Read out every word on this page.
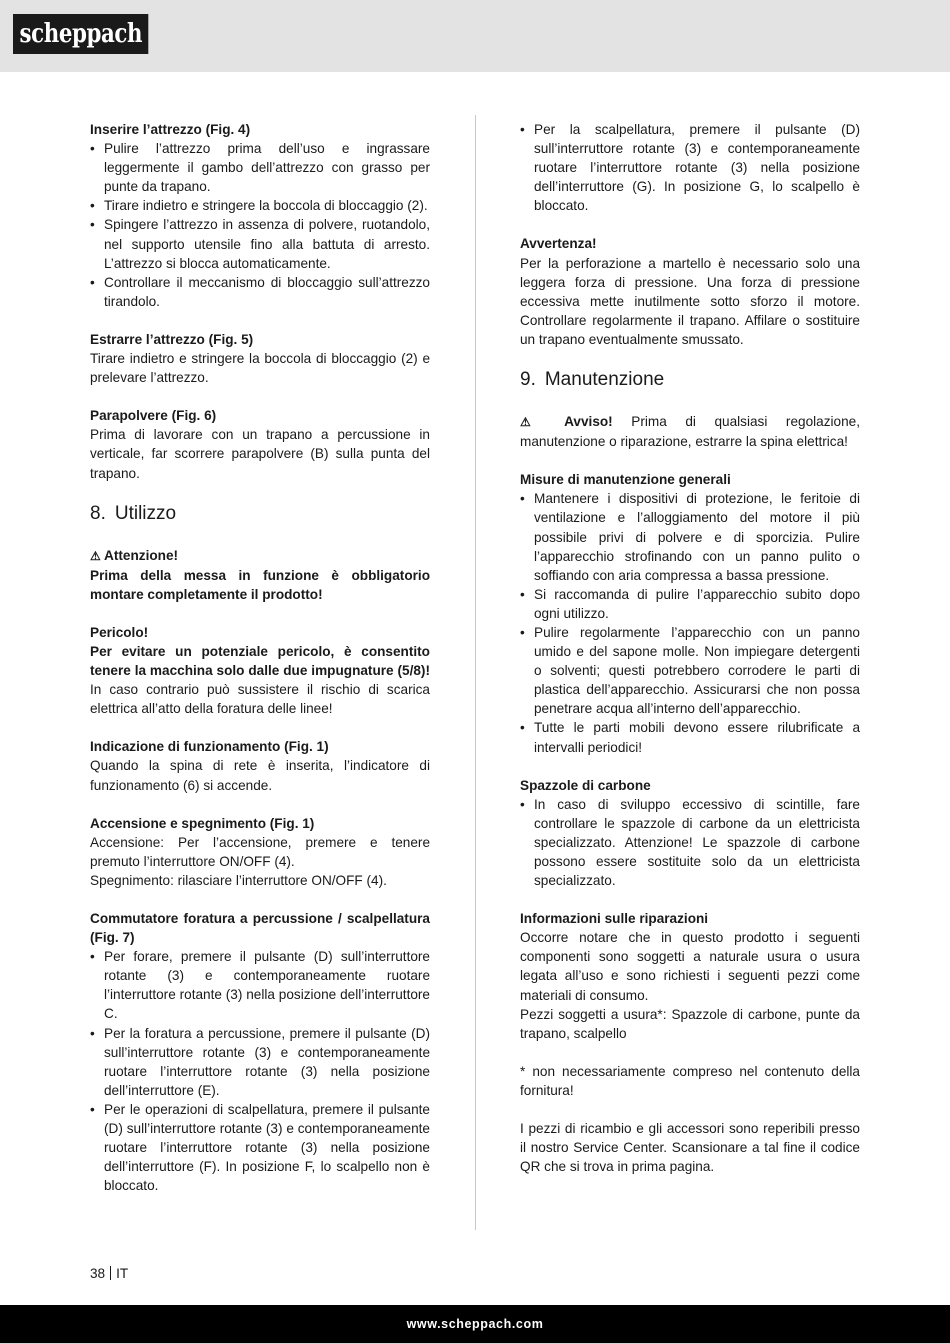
scheppach

Inserire l’attrezzo (Fig. 4)

• Pulire l’attrezzo prima dell’uso e ingrassare leggermente il gambo dell’attrezzo con grasso per punte da trapano.
• Tirare indietro e stringere la boccola di bloccaggio (2).
• Spingere l’attrezzo in assenza di polvere, ruotandolo, nel supporto utensile fino alla battuta di arresto. L’attrezzo si blocca automaticamente.
• Controllare il meccanismo di bloccaggio sull’attrezzo tirandolo.

Estrarre l’attrezzo (Fig. 5)

Tirare indietro e stringere la boccola di bloccaggio (2) e prelevare l’attrezzo.

Parapolvere (Fig. 6)

Prima di lavorare con un trapano a percussione in verticale, far scorrere parapolvere (B) sulla punta del trapano.

8. Utilizzo

⚠ Attenzione!

Prima della messa in funzione è obbligatorio montare completamente il prodotto!

Pericolo!

Per evitare un potenziale pericolo, è consentito tenere la macchina solo dalle due impugnature (5/8)! In caso contrario può sussistere il rischio di scarica elettrica all’atto della foratura delle linee!

Indicazione di funzionamento (Fig. 1)

Quando la spina di rete è inserita, l’indicatore di funzionamento (6) si accende.

Accensione e spegnimento (Fig. 1)

Accensione: Per l’accensione, premere e tenere premuto l’interruttore ON/OFF (4).

Spegnimento: rilasciare l’interruttore ON/OFF (4).

Commutatore foratura a percussione / scalpellatura (Fig. 7)

• Per forare, premere il pulsante (D) sull’interruttore rotante (3) e contemporaneamente ruotare l’interruttore rotante (3) nella posizione dell’interruttore C.
• Per la foratura a percussione, premere il pulsante (D) sull’interruttore rotante (3) e contemporaneamente ruotare l’interruttore rotante (3) nella posizione dell’interruttore (E).
• Per le operazioni di scalpellatura, premere il pulsante (D) sull’interruttore rotante (3) e contemporaneamente ruotare l’interruttore rotante (3) nella posizione dell’interruttore (F). In posizione F, lo scalpello non è bloccato.
• Per la scalpellatura, premere il pulsante (D) sull’interruttore rotante (3) e contemporaneamente ruotare l’interruttore rotante (3) nella posizione dell’interruttore (G). In posizione G, lo scalpello è bloccato.

Avvertenza!

Per la perforazione a martello è necessario solo una leggera forza di pressione. Una forza di pressione eccessiva mette inutilmente sotto sforzo il motore. Controllare regolarmente il trapano. Affilare o sostituire un trapano eventualmente smussato.

9. Manutenzione

⚠ Avviso! Prima di qualsiasi regolazione, manutenzione o riparazione, estrarre la spina elettrica!

Misure di manutenzione generali

• Mantenere i dispositivi di protezione, le feritoie di ventilazione e l’alloggiamento del motore il più possibile privi di polvere e di sporcizia. Pulire l’apparecchio strofinando con un panno pulito o soffiando con aria compressa a bassa pressione.
• Si raccomanda di pulire l’apparecchio subito dopo ogni utilizzo.
• Pulire regolarmente l’apparecchio con un panno umido e del sapone molle. Non impiegare detergenti o solventi; questi potrebbero corrodere le parti di plastica dell’apparecchio. Assicurarsi che non possa penetrare acqua all’interno dell’apparecchio.
• Tutte le parti mobili devono essere rilubrificate a intervalli periodici!

Spazzole di carbone

• In caso di sviluppo eccessivo di scintille, fare controllare le spazzole di carbone da un elettricista specializzato. Attenzione! Le spazzole di carbone possono essere sostituite solo da un elettricista specializzato.

Informazioni sulle riparazioni

Occorre notare che in questo prodotto i seguenti componenti sono soggetti a naturale usura o usura legata all’uso e sono richiesti i seguenti pezzi come materiali di consumo.

Pezzi soggetti a usura*: Spazzole di carbone, punte da trapano, scalpello

* non necessariamente compreso nel contenuto della fornitura!

I pezzi di ricambio e gli accessori sono reperibili presso il nostro Service Center. Scansionare a tal fine il codice QR che si trova in prima pagina.

38 IT
www.scheppach.com
